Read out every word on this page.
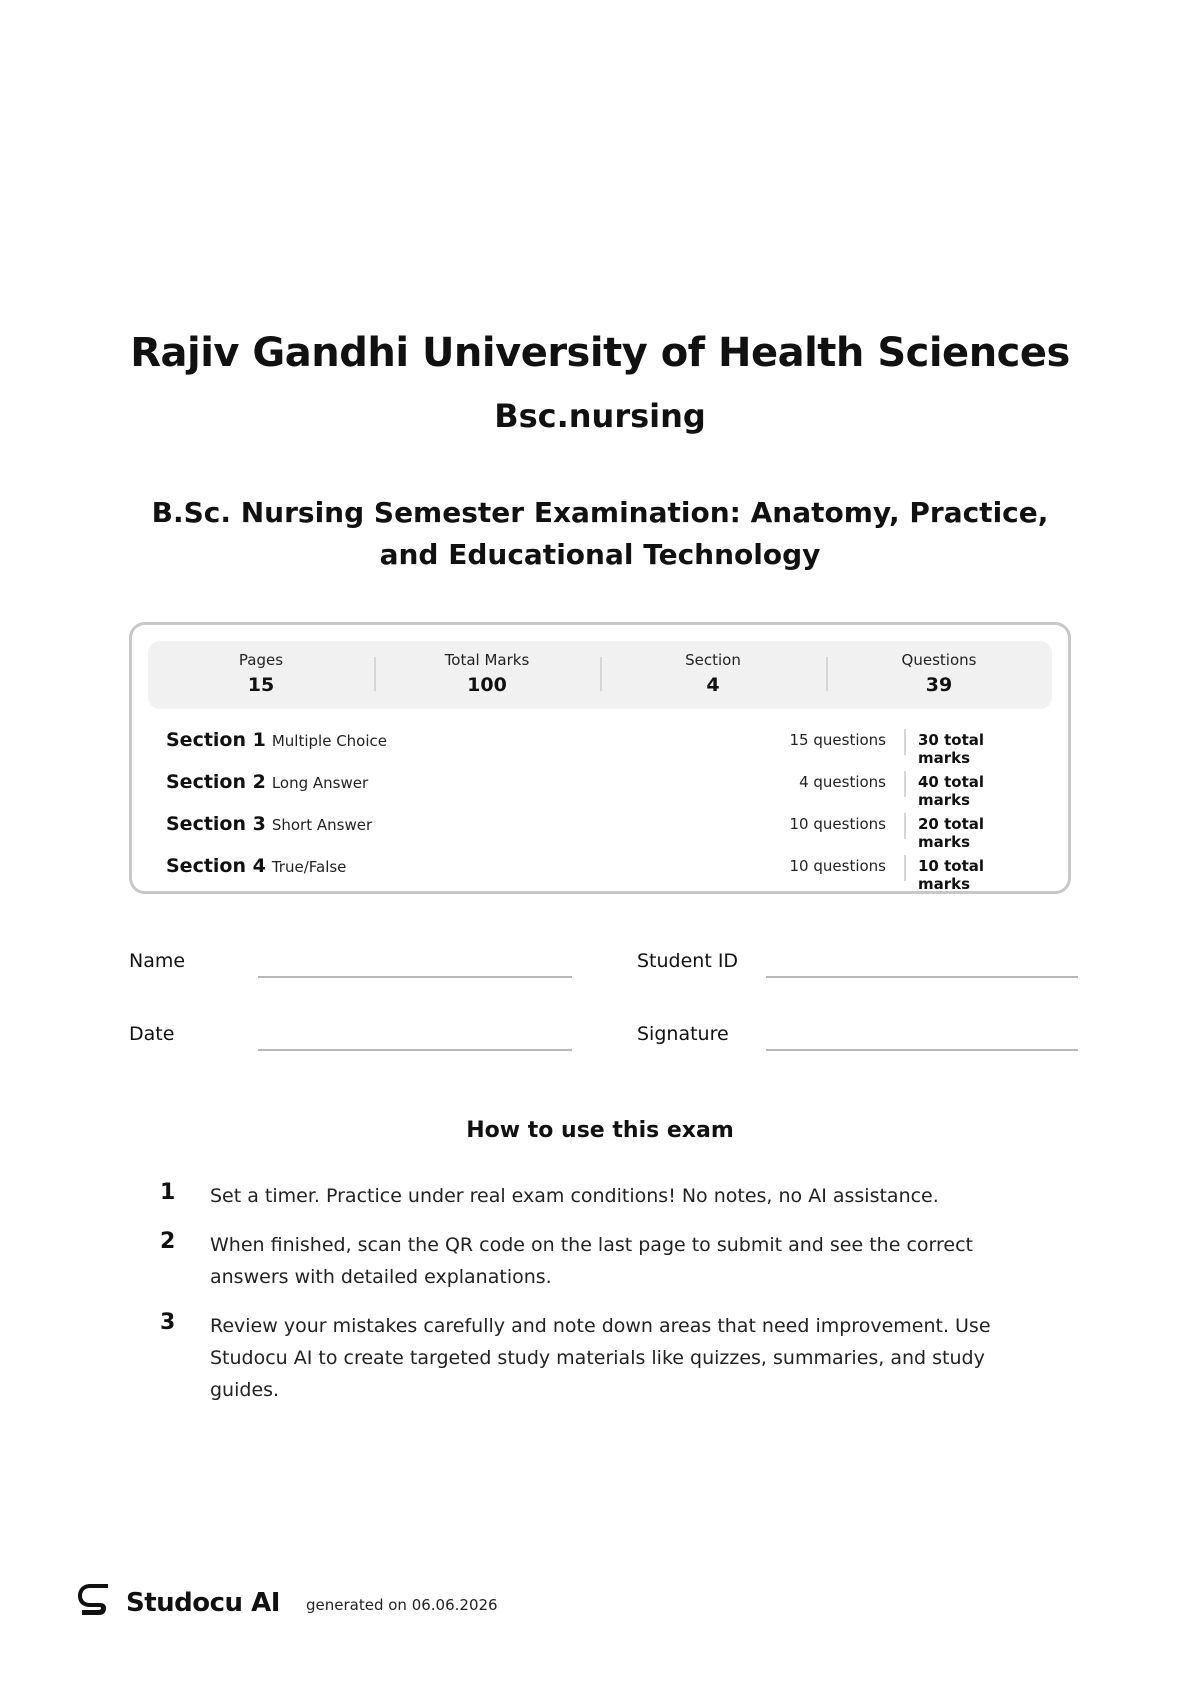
Rajiv Gandhi University of Health Sciences
Bsc.nursing
B.Sc. Nursing Semester Examination: Anatomy, Practice, and Educational Technology
Pages
15
Total Marks
100
Section
4
Questions
39
Section 1 Multiple Choice	15 questions 30 total marks
Section 2 Long Answer	4 questions 40 total marks
Section 3 Short Answer	10 questions 20 total marks
Section 4 True/False	10 questions 10 total marks
Name	Student ID
Date	Signature
How to use this exam
1 Set a timer. Practice under real exam conditions! No notes, no AI assistance.
2 When finished, scan the QR code on the last page to submit and see the correct answers with detailed explanations.
3 Review your mistakes carefully and note down areas that need improvement. Use Studocu AI to create targeted study materials like quizzes, summaries, and study guides.
Studocu AI generated on 06.06.2026
